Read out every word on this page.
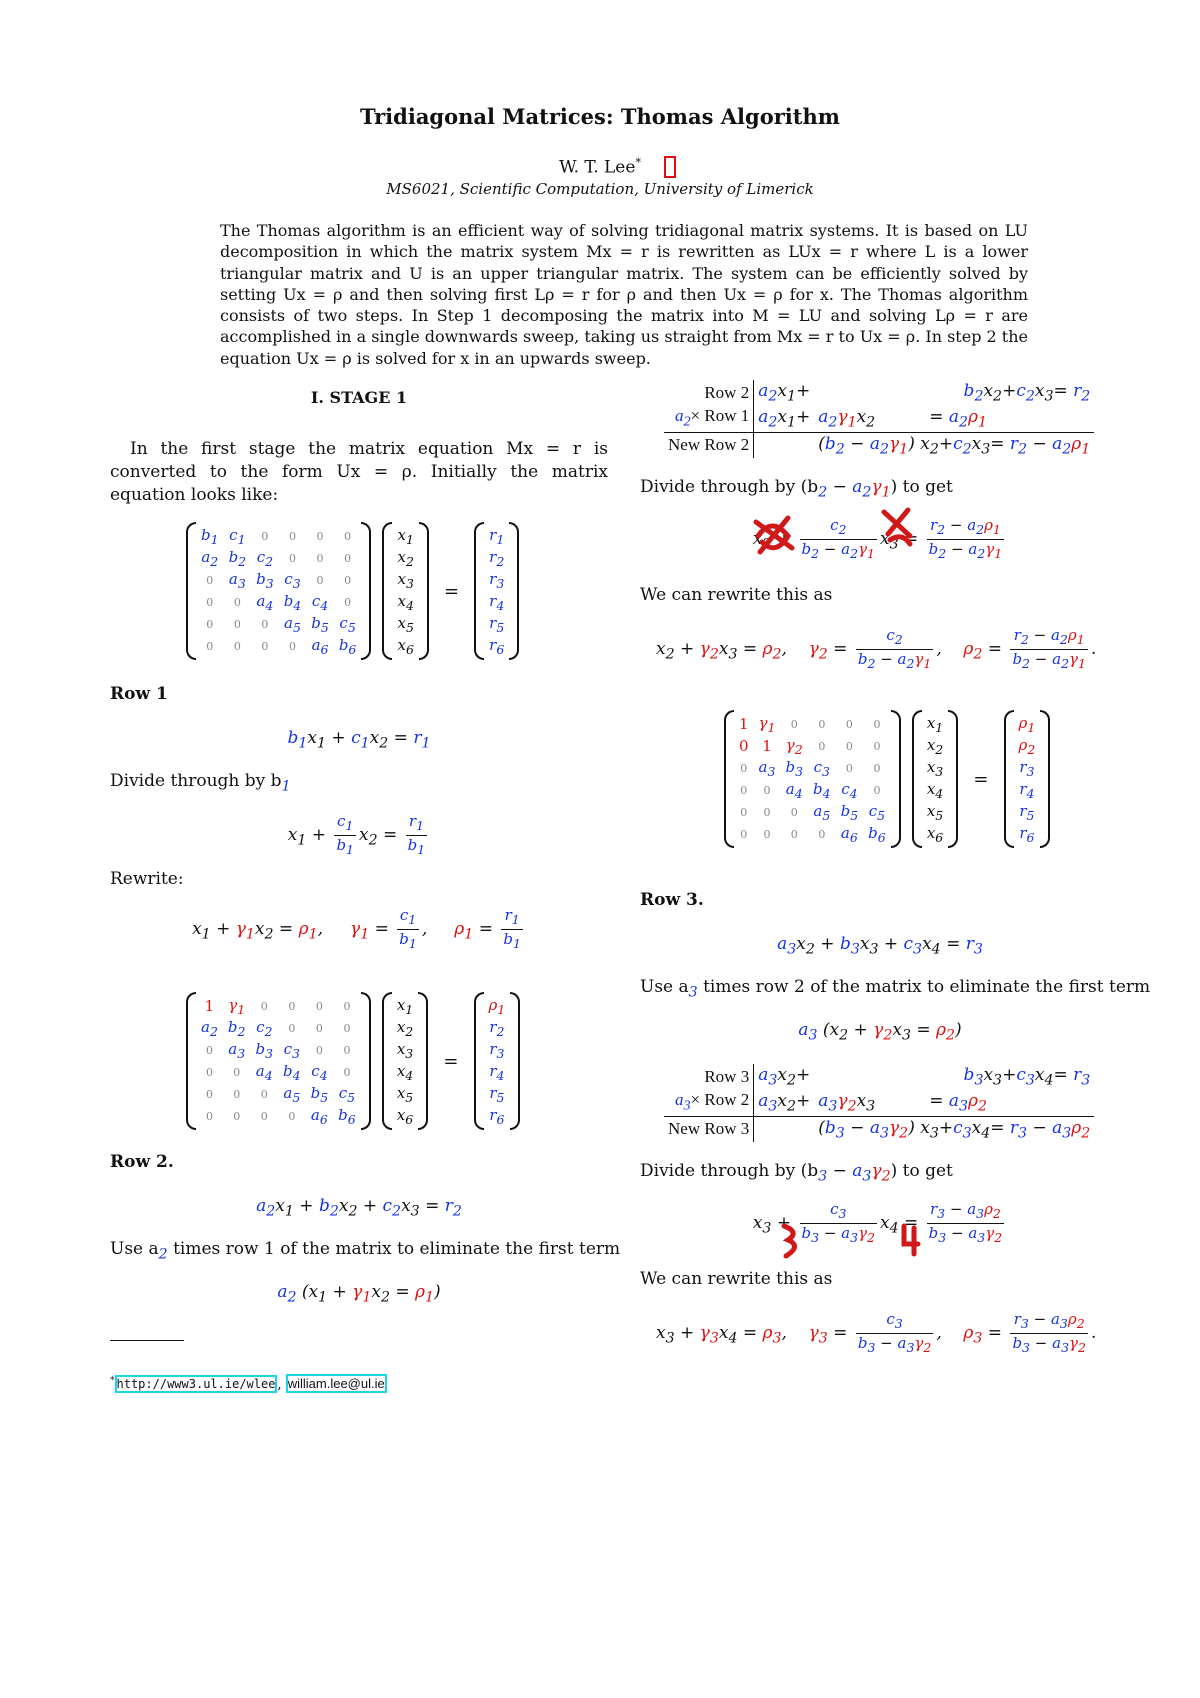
Tridiagonal Matrices: Thomas Algorithm
W. T. Lee*
MS6021, Scientific Computation, University of Limerick
The Thomas algorithm is an efficient way of solving tridiagonal matrix systems. It is based on LU decomposition in which the matrix system Mx = r is rewritten as LUx = r where L is a lower triangular matrix and U is an upper triangular matrix. The system can be efficiently solved by setting Ux = ρ and then solving first Lρ = r for ρ and then Ux = ρ for x. The Thomas algorithm consists of two steps. In Step 1 decomposing the matrix into M = LU and solving Lρ = r are accomplished in a single downwards sweep, taking us straight from Mx = r to Ux = ρ. In step 2 the equation Ux = ρ is solved for x in an upwards sweep.
I. STAGE 1
In the first stage the matrix equation Mx = r is converted to the form Ux = ρ. Initially the matrix equation looks like:
$b_1$	$c_1$	0	0	0	0
$a_2$	$b_2$	$c_2$	0	0	0
0	$a_3$	$b_3$	$c_3$	0	0
0	0	$a_4$	$b_4$	$c_4$	0
0	0	0	$a_5$	$b_5$	$c_5$
0	0	0	0	$a_6$	$b_6$

$x_1$
$x_2$
$x_3$
$x_4$
$x_5$
$x_6$
=
$r_1$
$r_2$
$r_3$
$r_4$
$r_5$
$r_6$
Row 1
$b_1x_1 + c_1x_2 = r_1$
Divide through by $b_1$
$x_1 + \frac{c_1}{b_1} x_2 = \frac{r_1}{b_1}$
Rewrite:
$x_1 + \gamma_1x_2 = \rho_1$,     $\gamma_1 = \frac{c_1}{b_1}$ ,     $\rho_1 = \frac{r_1}{b_1}$
1	$\gamma_1$	0	0	0	0
$a_2$	$b_2$	$c_2$	0	0	0
0	$a_3$	$b_3$	$c_3$	0	0
0	0	$a_4$	$b_4$	$c_4$	0
0	0	0	$a_5$	$b_5$	$c_5$
0	0	0	0	$a_6$	$b_6$

$x_1$
$x_2$
$x_3$
$x_4$
$x_5$
$x_6$
=
$\rho_1$
$r_2$
$r_3$
$r_4$
$r_5$
$r_6$
Row 2.
$a_2x_1 + b_2x_2 + c_2x_3 = r_2$
Use $a_2$ times row 1 of the matrix to eliminate the first term
$a_2$ $(x_1 + \gamma_1x_2 = \rho_1)$
* http://www3.ul.ie/wlee , william.lee@ul.ie
Row 2	$a_2x_1+$	$b_2x_2+c_2x_3= r_2$
$a_2\times$ Row 1	$a_2x_1+$	$a_2\gamma_1x_2$          = $a_2\rho_1$
New Row 2		$(b_2 - a_2\gamma_1)$ $x_2+c_2x_3= r_2 - a_2\rho_1$
Divide through by $(b_2 - a_2\gamma_1)$ to get
$x_2 + \frac{c_2}{b_2 - a_2\gamma_1} x_3 = \frac{r_2 - a_2\rho_1}{b_2 - a_2\gamma_1}$
We can rewrite this as
$x_2 + \gamma_2x_3 = \rho_2$,    $\gamma_2 = \frac{c_2}{b_2 - a_2\gamma_1}$ ,    $\rho_2 = \frac{r_2 - a_2\rho_1}{b_2 - a_2\gamma_1}$ .
1	$\gamma_1$	0	0	0	0
0	1	$\gamma_2$	0	0	0
0	$a_3$	$b_3$	$c_3$	0	0
0	0	$a_4$	$b_4$	$c_4$	0
0	0	0	$a_5$	$b_5$	$c_5$
0	0	0	0	$a_6$	$b_6$

$x_1$
$x_2$
$x_3$
$x_4$
$x_5$
$x_6$
=
$\rho_1$
$\rho_2$
$r_3$
$r_4$
$r_5$
$r_6$
Row 3.
$a_3x_2 + b_3x_3 + c_3x_4 = r_3$
Use $a_3$ times row 2 of the matrix to eliminate the first term
$a_3$ $(x_2 + \gamma_2x_3 = \rho_2)$
Row 3	$a_3x_2+$	$b_3x_3+c_3x_4= r_3$
$a_3\times$ Row 2	$a_3x_2+$	$a_3\gamma_2x_3$          = $a_3\rho_2$
New Row 3		$(b_3 - a_3\gamma_2)$ $x_3+c_3x_4= r_3 - a_3\rho_2$
Divide through by $(b_3 - a_3\gamma_2)$ to get
$x_3 + \frac{c_3}{b_3 - a_3\gamma_2} x_4 = \frac{r_3 - a_3\rho_2}{b_3 - a_3\gamma_2}$
We can rewrite this as
$x_3 + \gamma_3x_4 = \rho_3$,    $\gamma_3 = \frac{c_3}{b_3 - a_3\gamma_2}$ ,    $\rho_3 = \frac{r_3 - a_3\rho_2}{b_3 - a_3\gamma_2}$ .
